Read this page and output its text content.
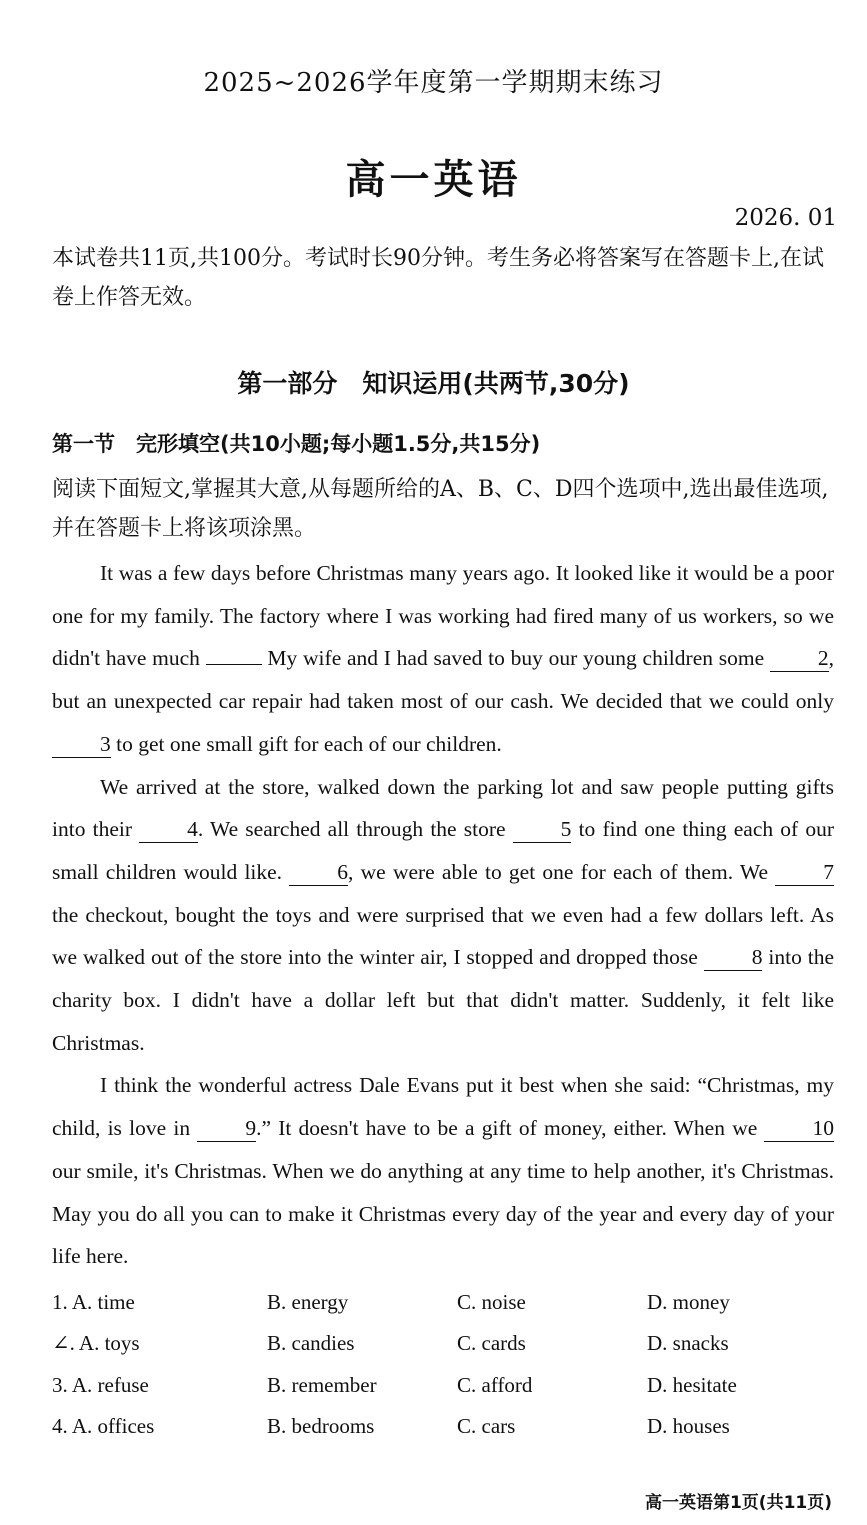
2025~2026学年度第一学期期末练习
高一英语
2026. 01
本试卷共11页,共100分。考试时长90分钟。考生务必将答案写在答题卡上,在试卷上作答无效。
第一部分　知识运用(共两节,30分)
第一节　完形填空(共10小题;每小题1.5分,共15分)
阅读下面短文,掌握其大意,从每题所给的A、B、C、D四个选项中,选出最佳选项,并在答题卡上将该项涂黑。

It was a few days before Christmas many years ago. It looked like it would be a poor one for my family. The factory where I was working had fired many of us workers, so we didn't have much	My wife and I had saved to buy our young children some 2, but an unexpected car repair had taken most of our cash. We decided that we could only 3 to get one small gift for each of our children.

We arrived at the store, walked down the parking lot and saw people putting gifts into their 4. We searched all through the store 5 to find one thing each of our small children would like. 6, we were able to get one for each of them. We 7 the checkout, bought the toys and were surprised that we even had a few dollars left. As we walked out of the store into the winter air, I stopped and dropped those 8 into the charity box. I didn't have a dollar left but that didn't matter. Suddenly, it felt like Christmas.

I think the wonderful actress Dale Evans put it best when she said: “Christmas, my child, is love in 9.” It doesn't have to be a gift of money, either. When we 10 our smile, it's Christmas. When we do anything at any time to help another, it's Christmas. May you do all you can to make it Christmas every day of the year and every day of your life here.

1. A. time	B. energy	C. noise	D. money
∠. A. toys	B. candies	C. cards	D. snacks
3. A. refuse	B. remember	C. afford	D. hesitate
4. A. offices	B. bedrooms	C. cars	D. houses
高一英语第1页(共11页)
